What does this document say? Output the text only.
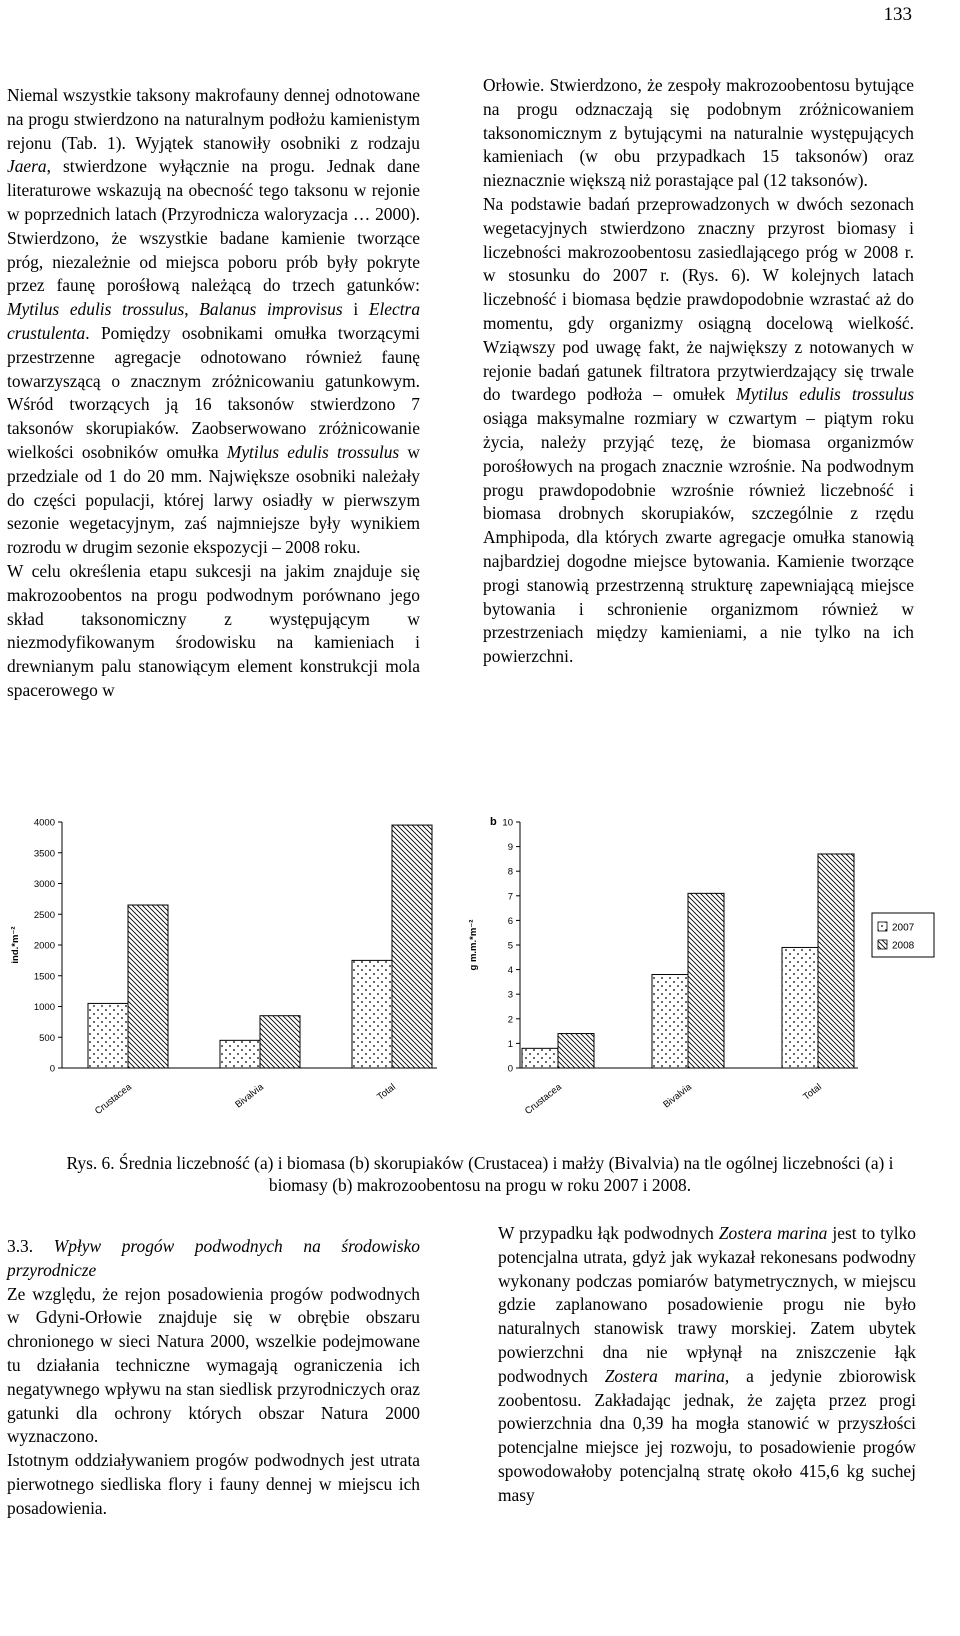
133

Niemal wszystkie taksony makrofauny dennej odnotowane na progu stwierdzono na naturalnym podłożu kamienistym rejonu (Tab. 1). Wyjątek stanowiły osobniki z rodzaju Jaera, stwierdzone wyłącznie na progu. Jednak dane literaturowe wskazują na obecność tego taksonu w rejonie w poprzednich latach (Przyrodnicza waloryzacja … 2000). Stwierdzono, że wszystkie badane kamienie tworzące próg, niezależnie od miejsca poboru prób były pokryte przez faunę porośłową należącą do trzech gatunków: Mytilus edulis trossulus, Balanus improvisus i Electra crustulenta. Pomiędzy osobnikami omułka tworzącymi przestrzenne agregacje odnotowano również faunę towarzyszącą o znacznym zróżnicowaniu gatunkowym. Wśród tworzących ją 16 taksonów stwierdzono 7 taksonów skorupiaków. Zaobserwowano zróżnicowanie wielkości osobników omułka Mytilus edulis trossulus w przedziale od 1 do 20 mm. Największe osobniki należały do części populacji, której larwy osiadły w pierwszym sezonie wegetacyjnym, zaś najmniejsze były wynikiem rozrodu w drugim sezonie ekspozycji – 2008 roku.

W celu określenia etapu sukcesji na jakim znajduje się makrozoobentos na progu podwodnym porównano jego skład taksonomiczny z występującym w niezmodyfikowanym środowisku na kamieniach i drewnianym palu stanowiącym element konstrukcji mola spacerowego w

Orłowie. Stwierdzono, że zespoły makrozoobentosu bytujące na progu odznaczają się podobnym zróżnicowaniem taksonomicznym z bytującymi na naturalnie występujących kamieniach (w obu przypadkach 15 taksonów) oraz nieznacznie większą niż porastające pal (12 taksonów).

Na podstawie badań przeprowadzonych w dwóch sezonach wegetacyjnych stwierdzono znaczny przyrost biomasy i liczebności makrozoobentosu zasiedlającego próg w 2008 r. w stosunku do 2007 r. (Rys. 6). W kolejnych latach liczebność i biomasa będzie prawdopodobnie wzrastać aż do momentu, gdy organizmy osiągną docelową wielkość. Wziąwszy pod uwagę fakt, że największy z notowanych w rejonie badań gatunek filtratora przytwierdzający się trwale do twardego podłoża – omułek Mytilus edulis trossulus osiąga maksymalne rozmiary w czwartym – piątym roku życia, należy przyjąć tezę, że biomasa organizmów porośłowych na progach znacznie wzrośnie. Na podwodnym progu prawdopodobnie wzrośnie również liczebność i biomasa drobnych skorupiaków, szczególnie z rzędu Amphipoda, dla których zwarte agregacje omułka stanowią najbardziej dogodne miejsce bytowania. Kamienie tworzące progi stanowią przestrzenną strukturę zapewniającą miejsce bytowania i schronienie organizmom również w przestrzeniach między kamieniami, a nie tylko na ich powierzchni.

0
500
1000
1500
2000
2500
3000
3500
4000
ind.*m⁻²
Crustacea	Bivalvia	Total
0
1
2
3
4
5
6
7
8
9
10
g m.m.*m⁻²
b
Crustacea	Bivalvia	Total
2007
2008
Rys. 6. Średnia liczebność (a) i biomasa (b) skorupiaków (Crustacea) i małży (Bivalvia) na tle ogólnej liczebności (a) i biomasy (b) makrozoobentosu na progu w roku 2007 i 2008.

3.3. Wpływ progów podwodnych na środowisko przyrodnicze

Ze względu, że rejon posadowienia progów podwodnych w Gdyni-Orłowie znajduje się w obrębie obszaru chronionego w sieci Natura 2000, wszelkie podejmowane tu działania techniczne wymagają ograniczenia ich negatywnego wpływu na stan siedlisk przyrodniczych oraz gatunki dla ochrony których obszar Natura 2000 wyznaczono.

Istotnym oddziaływaniem progów podwodnych jest utrata pierwotnego siedliska flory i fauny dennej w miejscu ich posadowienia.

W przypadku łąk podwodnych Zostera marina jest to tylko potencjalna utrata, gdyż jak wykazał rekonesans podwodny wykonany podczas pomiarów batymetrycznych, w miejscu gdzie zaplanowano posadowienie progu nie było naturalnych stanowisk trawy morskiej. Zatem ubytek powierzchni dna nie wpłynął na zniszczenie łąk podwodnych Zostera marina, a jedynie zbiorowisk zoobentosu. Zakładając jednak, że zajęta przez progi powierzchnia dna 0,39 ha mogła stanowić w przyszłości potencjalne miejsce jej rozwoju, to posadowienie progów spowodowałoby potencjalną stratę około 415,6 kg suchej masy
